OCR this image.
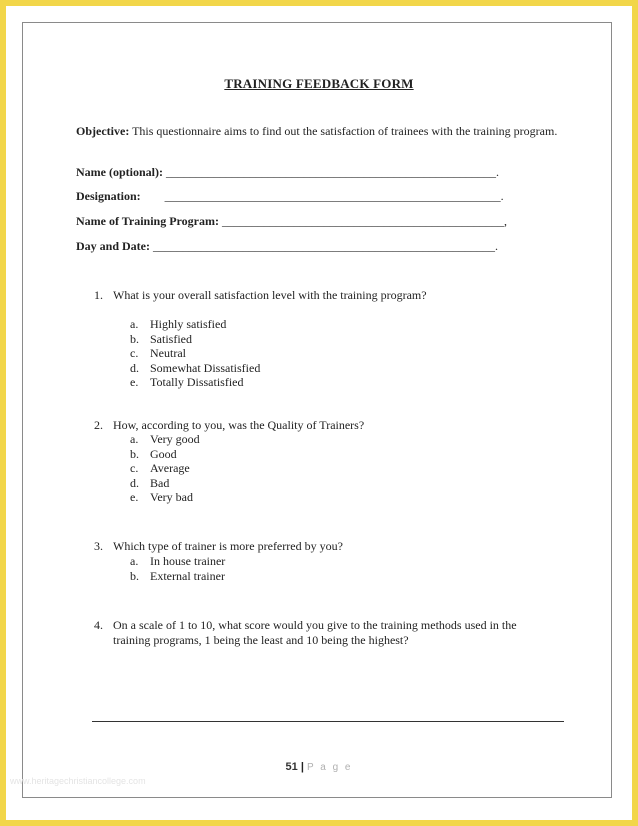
TRAINING FEEDBACK FORM
Objective: This questionnaire aims to find out the satisfaction of trainees with the training program.
Name (optional): _______________________________________________________.
Designation:        ________________________________________________________.
Name of Training Program: _______________________________________________,
Day and Date: _________________________________________________________.
1. What is your overall satisfaction level with the training program?
a. Highly satisfied
b. Satisfied
c. Neutral
d. Somewhat Dissatisfied
e. Totally Dissatisfied
2. How, according to you, was the Quality of Trainers?
a. Very good
b. Good
c. Average
d. Bad
e. Very bad
3. Which type of trainer is more preferred by you?
a. In house trainer
b. External trainer
4. On a scale of 1 to 10, what score would you give to the training methods used in the
training programs, 1 being the least and 10 being the highest?
51 | P a g e
www.heritagechristiancollege.com
